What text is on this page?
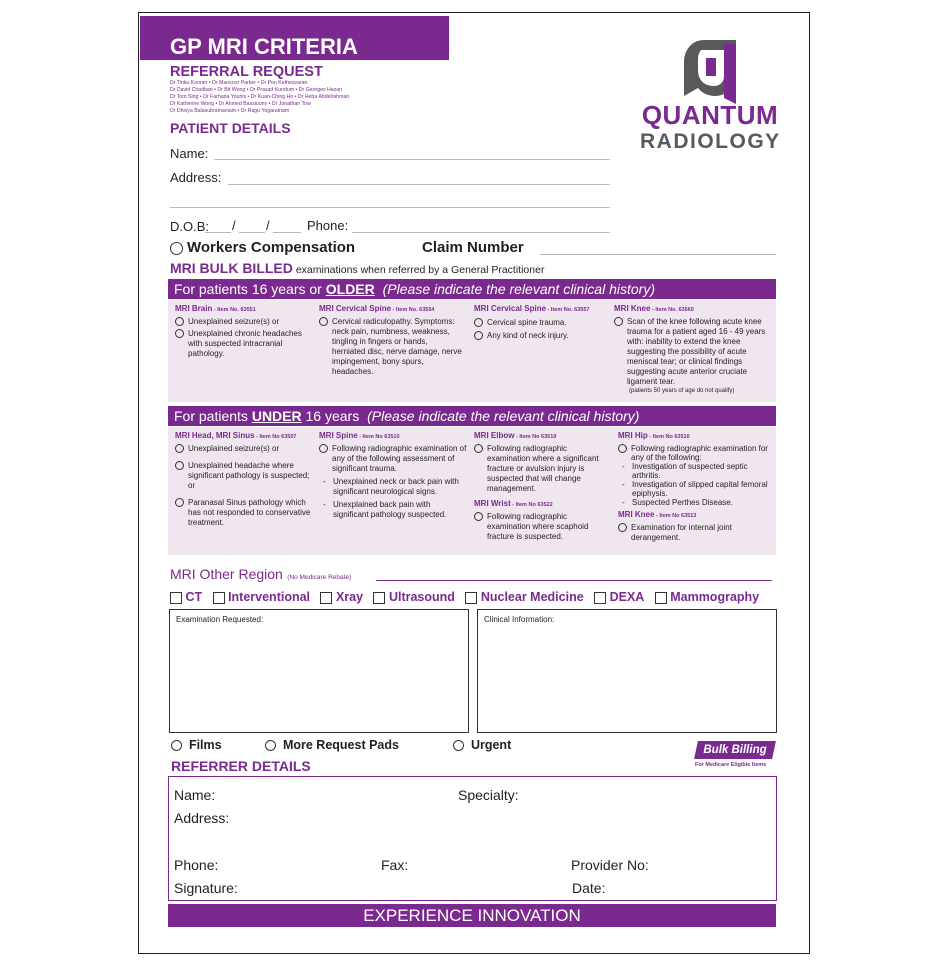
GP MRI CRITERIA
REFERRAL REQUEST
Dr Tinku Kooner • Dr Mansoor Parker • Dr Pon Kethesvaran
Dr David Chadban • Dr Bit Wong • Dr Prasad Kundum • Dr Georges Hazan
Dr Tom Sing • Dr Farhana Younis • Dr Kuan-Ching Ho • Dr Heba Abdelrahman
Dr Katherine Wong • Dr Ahmed Bassiouny • Dr Jonathan Tow
Dr Dhivya Balasubramaniam • Dr Ragu Yogaratnam
PATIENT DETAILS	QUANTUM
RADIOLOGY
Name:
Address:
D.O.B: / /	Phone:
Workers Compensation	Claim Number
MRI BULK BILLED examinations when referred by a General Practitioner
For patients 16 years or OLDER (Please indicate the relevant clinical history)
MRI Brain - Item No. 63551
Unexplained seizure(s) or
Unexplained chronic headaches with suspected intracranial pathology.
MRI Cervical Spine - Item No. 63554
Cervical radiculopathy. Symptoms: neck pain, numbness, weakness, tingling in fingers or hands, herniated disc, nerve damage, nerve impingement, bony spurs, headaches.
MRI Cervical Spine - Item No. 63557
Cervical spine trauma.
Any kind of neck injury.
MRI Knee - Item No. 63560
Scan of the knee following acute knee trauma for a patient aged 16 - 49 years with: inability to extend the knee suggesting the possibility of acute meniscal tear; or clinical findings suggesting acute anterior cruciate ligament tear.
(patients 50 years of age do not qualify)
For patients UNDER 16 years (Please indicate the relevant clinical history)
MRI Head, MRI Sinus - Item No 63507
Unexplained seizure(s) or
Unexplained headache where significant pathology is suspected; or
Paranasal Sinus pathology which has not responded to conservative treatment.
MRI Spine - Item No 63510
Following radiographic examination of any of the following assessment of significant trauma.
- Unexplained neck or back pain with significant neurological signs.
- Unexplained back pain with significant pathology suspected.
MRI Elbow - Item No 63519
Following radiographic examination where a significant fracture or avulsion injury is suspected that will change management.
MRI Wrist - Item No 63522
Following radiographic examination where scaphoid fracture is suspected.
MRI Hip - Item No 63516
Following radiographic examination for any of the following:
- Investigation of suspected septic arthritis.
- Investigation of slipped capital femoral epiphysis.
- Suspected Perthes Disease.
MRI Knee - Item No 63513
Examination for internal joint derangement.
MRI Other Region (No Medicare Rebate)
CT Interventional Xray Ultrasound Nuclear Medicine DEXA Mammography
Examination Requested:	Clinical Information:
Films	More Request Pads	Urgent	Bulk Billing
For Medicare Eligible Items
REFERRER DETAILS
Name:	Specialty:
Address:
Phone:	Fax:	Provider No:
Signature:	Date:
EXPERIENCE INNOVATION
